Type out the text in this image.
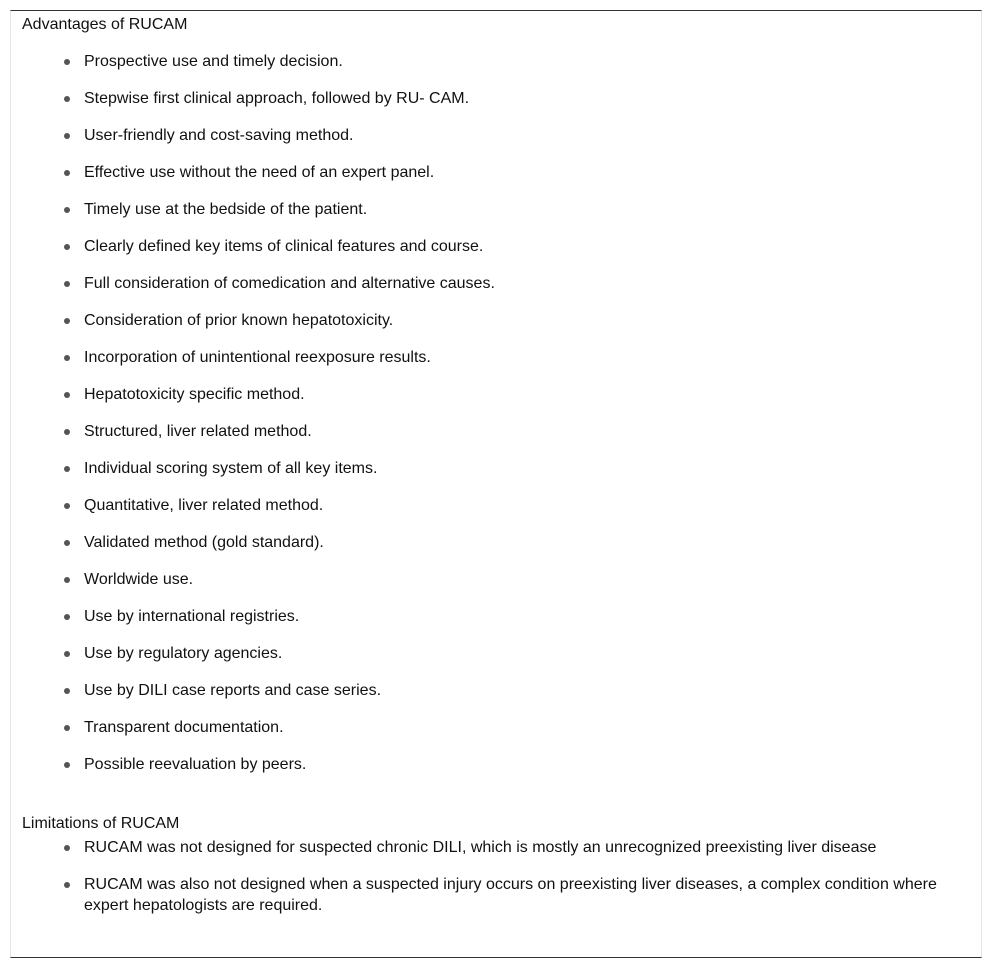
Advantages of RUCAM
Prospective use and timely decision.
Stepwise first clinical approach, followed by RU- CAM.
User-friendly and cost-saving method.
Effective use without the need of an expert panel.
Timely use at the bedside of the patient.
Clearly defined key items of clinical features and course.
Full consideration of comedication and alternative causes.
Consideration of prior known hepatotoxicity.
Incorporation of unintentional reexposure results.
Hepatotoxicity specific method.
Structured, liver related method.
Individual scoring system of all key items.
Quantitative, liver related method.
Validated method (gold standard).
Worldwide use.
Use by international registries.
Use by regulatory agencies.
Use by DILI case reports and case series.
Transparent documentation.
Possible reevaluation by peers.
Limitations of RUCAM
RUCAM was not designed for suspected chronic DILI, which is mostly an unrecognized preexisting liver disease
RUCAM was also not designed when a suspected injury occurs on preexisting liver diseases, a complex condition where expert hepatologists are required.
